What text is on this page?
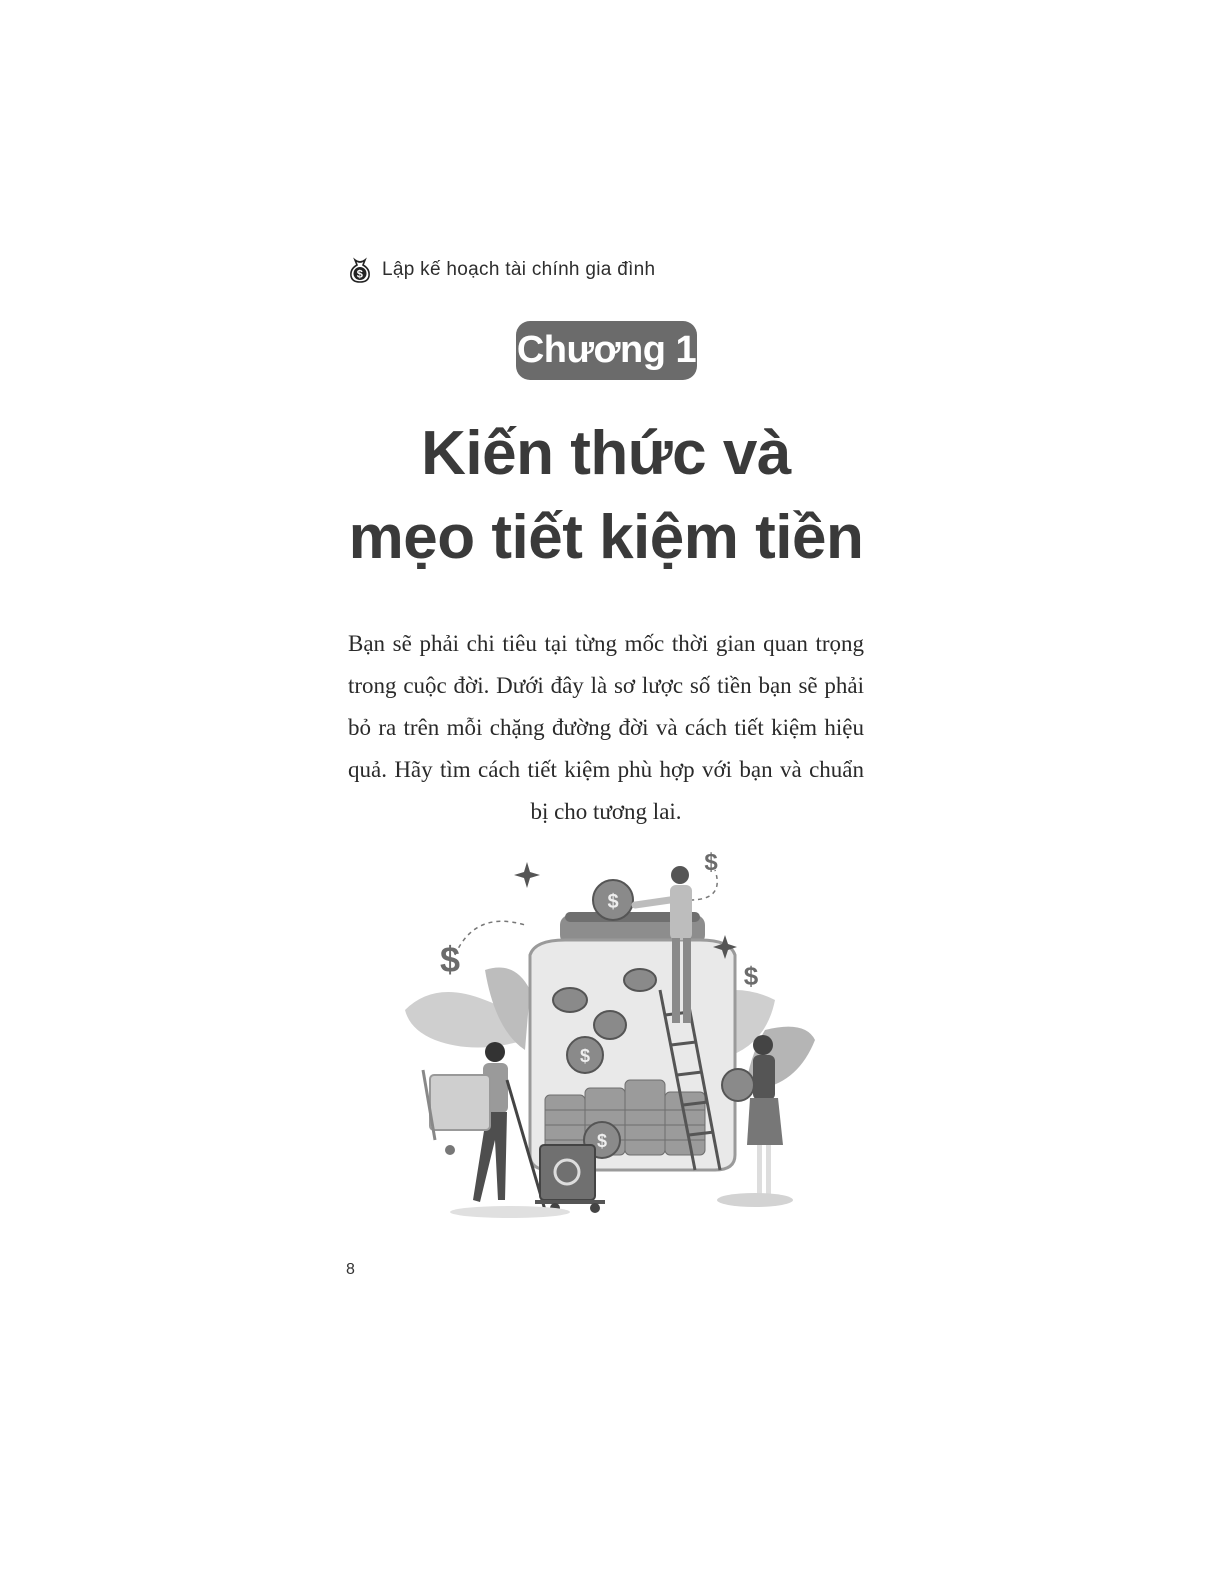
$ Lập kế hoạch tài chính gia đình
Chương 1
Kiến thức và
mẹo tiết kiệm tiền

Bạn sẽ phải chi tiêu tại từng mốc thời gian quan trọng trong cuộc đời. Dưới đây là sơ lược số tiền bạn sẽ phải bỏ ra trên mỗi chặng đường đời và cách tiết kiệm hiệu quả. Hãy tìm cách tiết kiệm phù hợp với bạn và chuẩn bị cho tương lai.

$
$
$
$
$
$
8
